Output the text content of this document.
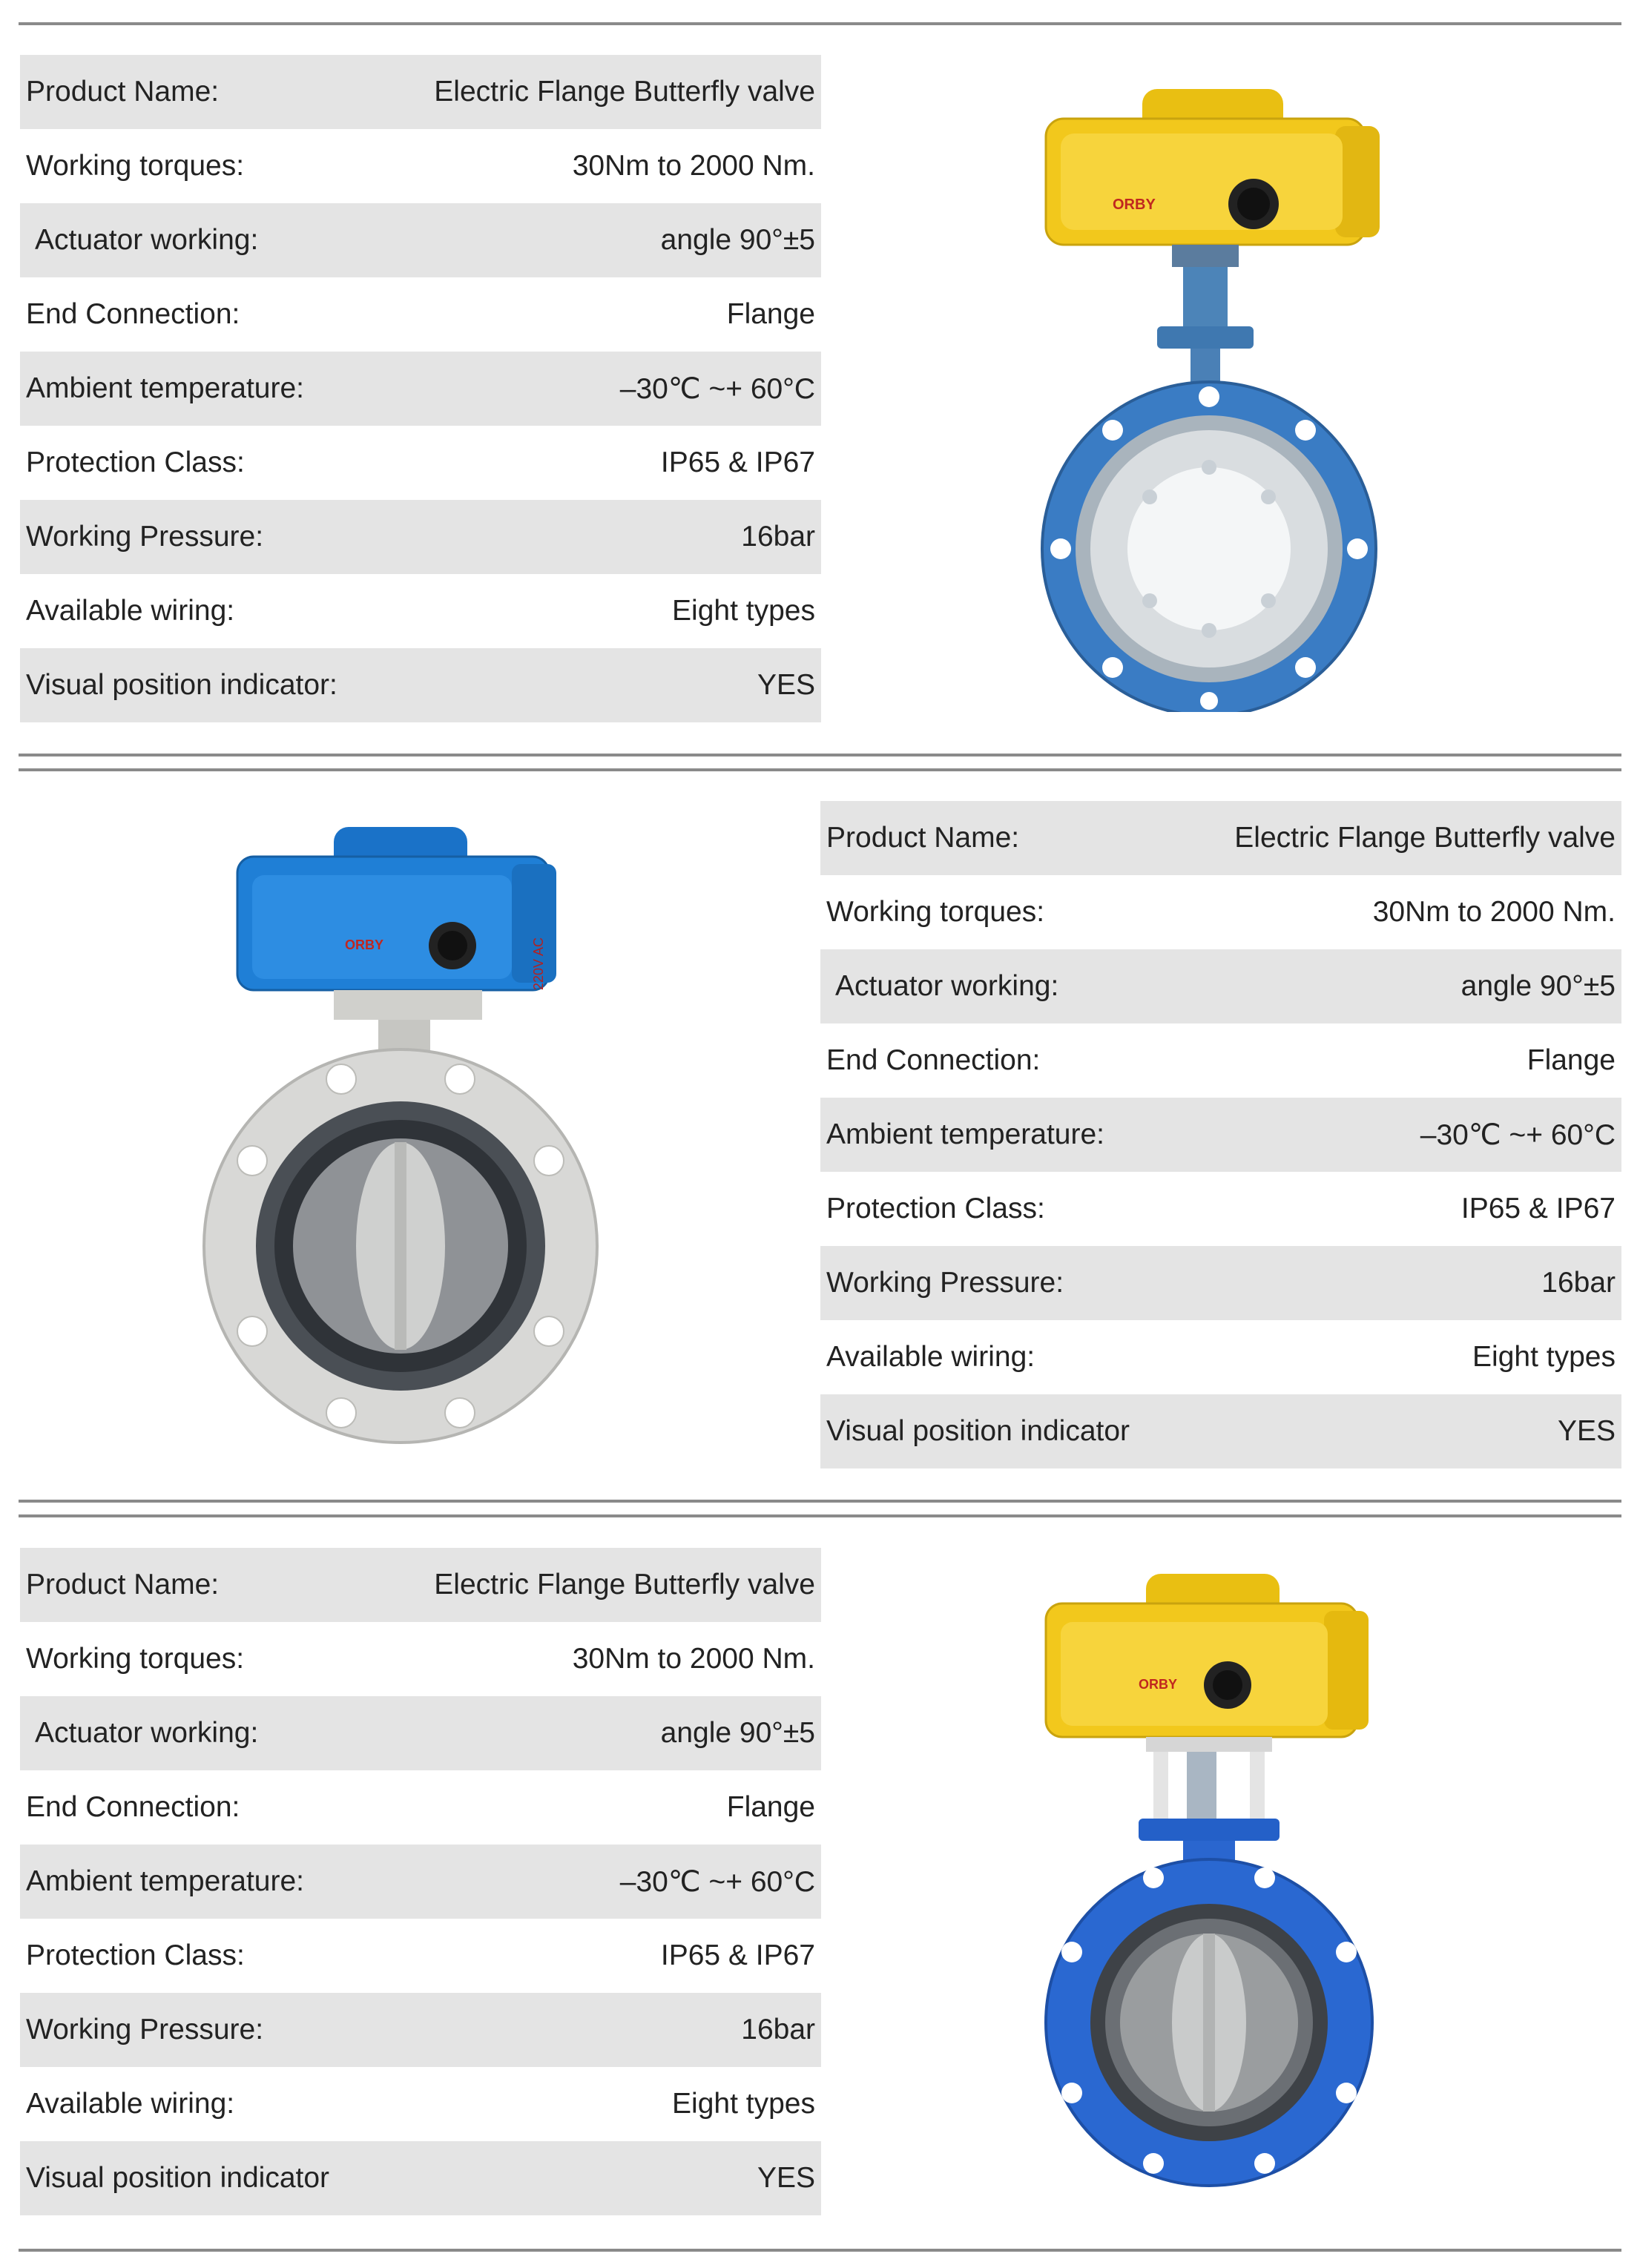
Product Name:	Electric Flange Butterfly valve
Working torques:	30Nm to 2000 Nm.
Actuator working:	angle 90°±5
End Connection:	Flange
Ambient temperature:	–30℃ ~+ 60°C
Protection Class:	IP65 & IP67
Working Pressure:	16bar
Available wiring:	Eight types
Visual position indicator:	YES
ORBY
ORBY	220V AC
Product Name:	Electric Flange Butterfly valve
Working torques:	30Nm to 2000 Nm.
Actuator working:	angle 90°±5
End Connection:	Flange
Ambient temperature:	–30℃ ~+ 60°C
Protection Class:	IP65 & IP67
Working Pressure:	16bar
Available wiring:	Eight types
Visual position indicator	YES
Product Name:	Electric Flange Butterfly valve
Working torques:	30Nm to 2000 Nm.
Actuator working:	angle 90°±5
End Connection:	Flange
Ambient temperature:	–30℃ ~+ 60°C
Protection Class:	IP65 & IP67
Working Pressure:	16bar
Available wiring:	Eight types
Visual position indicator	YES
ORBY
